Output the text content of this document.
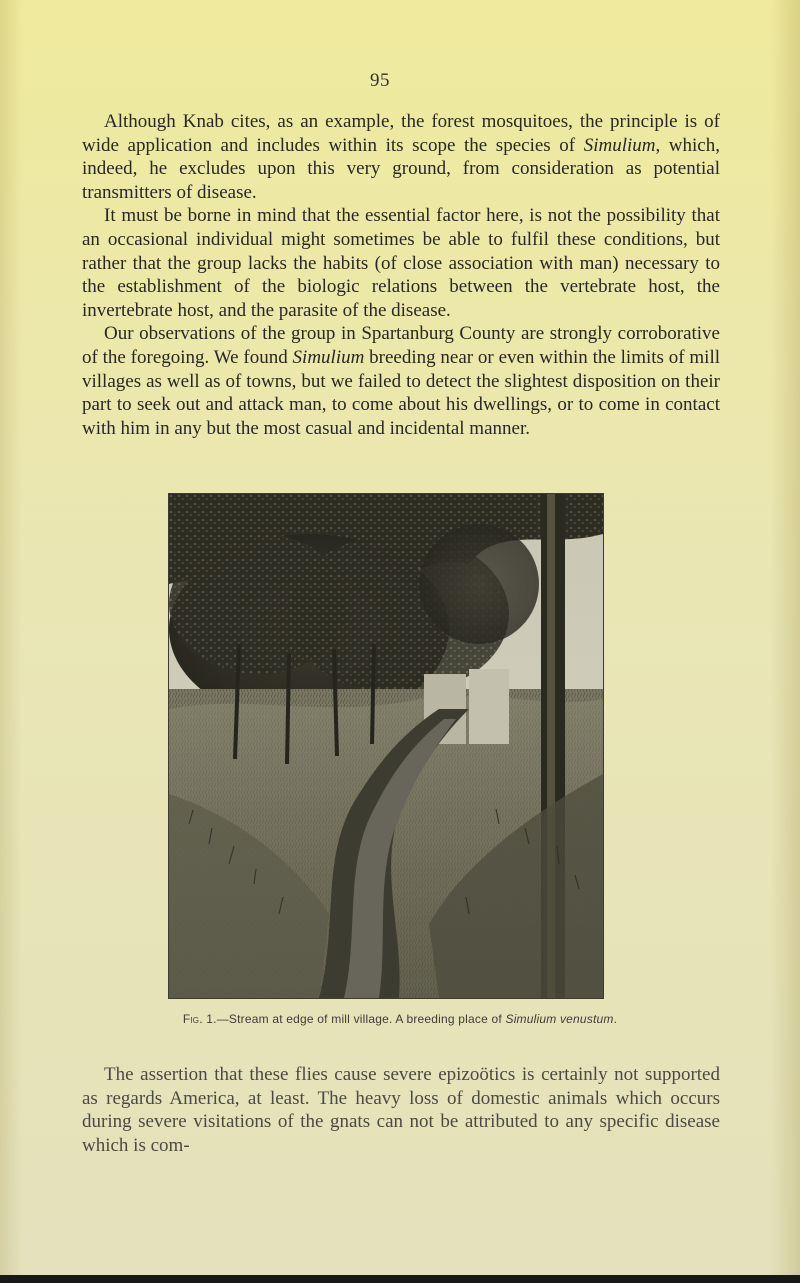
95

Although Knab cites, as an example, the forest mosquitoes, the principle is of wide application and includes within its scope the species of Simulium, which, indeed, he excludes upon this very ground, from consideration as potential transmitters of disease.

It must be borne in mind that the essential factor here, is not the possibility that an occasional individual might sometimes be able to fulfil these conditions, but rather that the group lacks the habits (of close association with man) necessary to the establishment of the biologic relations between the vertebrate host, the invertebrate host, and the parasite of the disease.

Our observations of the group in Spartanburg County are strongly corroborative of the foregoing. We found Simulium breeding near or even within the limits of mill villages as well as of towns, but we failed to detect the slightest disposition on their part to seek out and attack man, to come about his dwellings, or to come in contact with him in any but the most casual and incidental manner.

Fig. 1.—Stream at edge of mill village. A breeding place of Simulium venustum.

The assertion that these flies cause severe epizoötics is certainly not supported as regards America, at least. The heavy loss of domestic animals which occurs during severe visitations of the gnats can not be attributed to any specific disease which is com-
